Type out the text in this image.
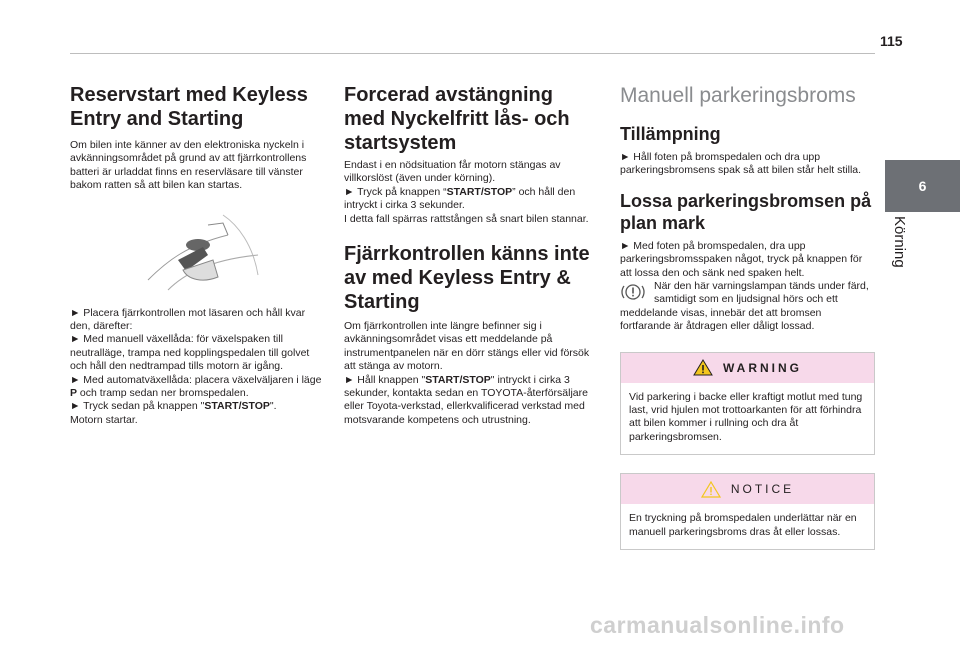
115
6
Körning
Reservstart med Keyless Entry and Starting

Om bilen inte känner av den elektroniska nyckeln i avkänningsområdet på grund av att fjärrkontrollens batteri är urladdat finns en reservläsare till vänster bakom ratten så att bilen kan startas.

► Placera fjärrkontrollen mot läsaren och håll kvar den, därefter:

► Med manuell växellåda: för växelspaken till neutralläge, trampa ned kopplingspedalen till golvet och håll den nedtrampad tills motorn är igång.

► Med automatväxellåda: placera växelväljaren i läge P och tramp sedan ner bromspedalen.

► Tryck sedan på knappen "START/STOP".

Motorn startar.

Forcerad avstängning med Nyckelfritt lås- och startsystem

Endast i en nödsituation får motorn stängas av villkorslöst (även under körning).

► Tryck på knappen “START/STOP” och håll den intryckt i cirka 3 sekunder.

I detta fall spärras rattstången så snart bilen stannar.

Fjärrkontrollen känns inte av med Keyless Entry & Starting

Om fjärrkontrollen inte längre befinner sig i avkänningsområdet visas ett meddelande på instrumentpanelen när en dörr stängs eller vid försök att stänga av motorn.

► Håll knappen "START/STOP" intryckt i cirka 3 sekunder, kontakta sedan en TOYOTA-återförsäljare eller Toyota-verkstad, ellerkvalificerad verkstad med motsvarande kompetens och utrustning.

Manuell parkeringsbroms
Tillämpning

► Håll foten på bromspedalen och dra upp parkeringsbromsens spak så att bilen står helt stilla.

Lossa parkeringsbromsen på plan mark

► Med foten på bromspedalen, dra upp parkeringsbromsspaken något, tryck på knappen för att lossa den och sänk ned spaken helt.

När den här varningslampan tänds under färd, samtidigt som en ljudsignal hörs och ett meddelande visas, innebär det att bromsen fortfarande är åtdragen eller dåligt lossad.

WARNING

Vid parkering i backe eller kraftigt motlut med tung last, vrid hjulen mot trottoarkanten för att förhindra att bilen kommer i rullning och dra åt parkeringsbromsen.

NOTICE

En tryckning på bromspedalen underlättar när en manuell parkeringsbroms dras åt eller lossas.

carmanualsonline.info
